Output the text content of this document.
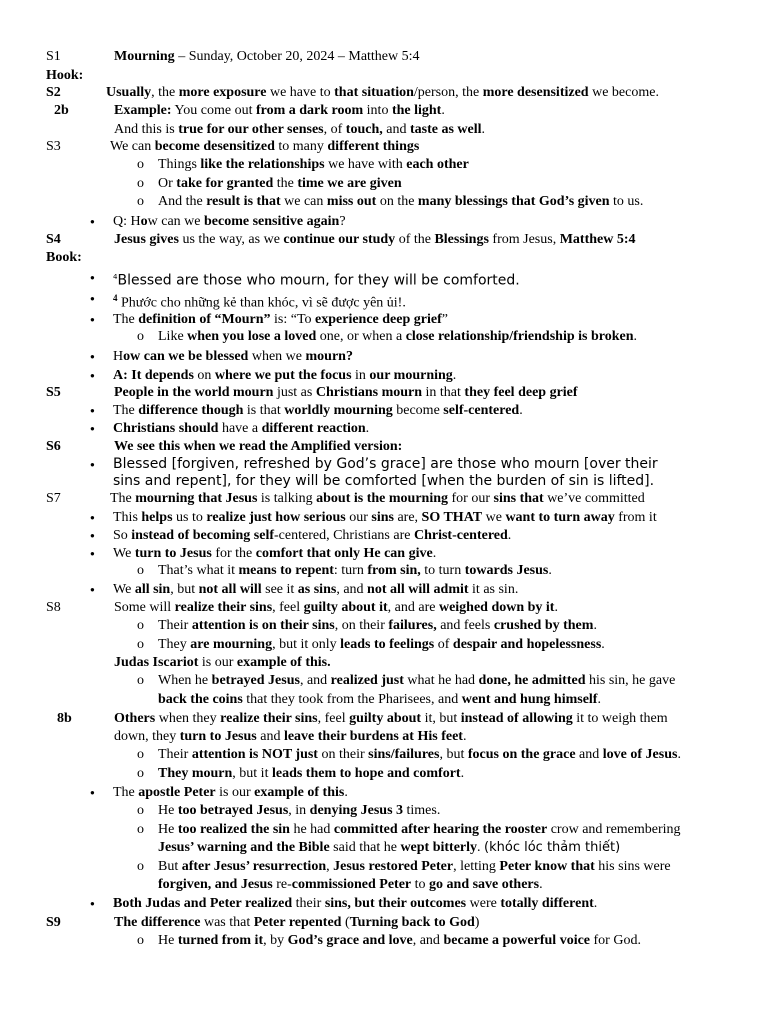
S1	Mourning – Sunday, October 20, 2024 – Matthew 5:4
Hook:
S2	Usually, the more exposure we have to that situation/person, the more desensitized we become.
2b	Example: You come out from a dark room into the light.
And this is true for our other senses, of touch, and taste as well.
S3	We can become desensitized to many different things
o Things like the relationships we have with each other
o Or take for granted the time we are given
o And the result is that we can miss out on the many blessings that God’s given to us.
● Q: How can we become sensitive again?
S4	Jesus gives us the way, as we continue our study of the Blessings from Jesus, Matthew 5:4
Book:
●	$^4$Blessed are those who mourn, for they will be comforted.
● $^4$ Phước cho những kẻ than khóc, vì sẽ được yên ủi!.
● The definition of “Mourn” is: “To experience deep grief”
o Like when you lose a loved one, or when a close relationship/friendship is broken.
● How can we be blessed when we mourn?
● A: It depends on where we put the focus in our mourning.
S5	People in the world mourn just as Christians mourn in that they feel deep grief
● The difference though is that worldly mourning become self-centered.
● Christians should have a different reaction.
S6	We see this when we read the Amplified version:
● Blessed [forgiven, refreshed by God’s grace] are those who mourn [over their
sins and repent], for they will be comforted [when the burden of sin is lifted].
S7	The mourning that Jesus is talking about is the mourning for our sins that we’ve committed
● This helps us to realize just how serious our sins are, SO THAT we want to turn away from it
● So instead of becoming self-centered, Christians are Christ-centered.
● We turn to Jesus for the comfort that only He can give.
o That’s what it means to repent: turn from sin, to turn towards Jesus.
● We all sin, but not all will see it as sins, and not all will admit it as sin.
S8	Some will realize their sins, feel guilty about it, and are weighed down by it.
o Their attention is on their sins, on their failures, and feels crushed by them.
o They are mourning, but it only leads to feelings of despair and hopelessness.
Judas Iscariot is our example of this.
o When he betrayed Jesus, and realized just what he had done, he admitted his sin, he gave
back the coins that they took from the Pharisees, and went and hung himself.
8b	Others when they realize their sins, feel guilty about it, but instead of allowing it to weigh them
down, they turn to Jesus and leave their burdens at His feet.
o Their attention is NOT just on their sins/failures, but focus on the grace and love of Jesus.
o They mourn, but it leads them to hope and comfort.
● The apostle Peter is our example of this.
o He too betrayed Jesus, in denying Jesus 3 times.
o He too realized the sin he had committed after hearing the rooster crow and remembering
Jesus’ warning and the Bible said that he wept bitterly. (khóc lóc thảm thiết)
o But after Jesus’ resurrection, Jesus restored Peter, letting Peter know that his sins were
forgiven, and Jesus re-commissioned Peter to go and save others.
● Both Judas and Peter realized their sins, but their outcomes were totally different.
S9	The difference was that Peter repented (Turning back to God)
o He turned from it, by God’s grace and love, and became a powerful voice for God.
